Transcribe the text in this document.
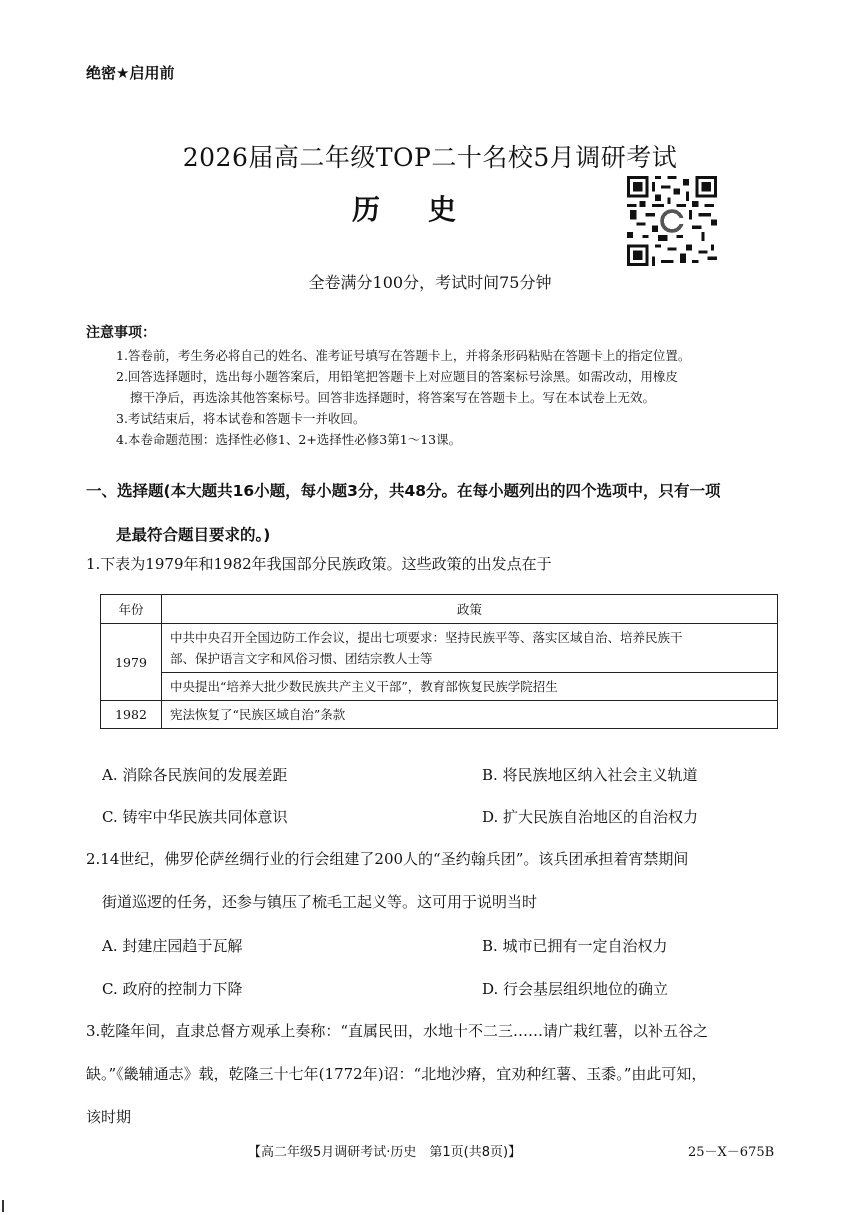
绝密★启用前
2026届高二年级TOP二十名校5月调研考试
历 史
全卷满分100分，考试时间75分钟
注意事项：
1.答卷前，考生务必将自己的姓名、准考证号填写在答题卡上，并将条形码粘贴在答题卡上的指定位置。
2.回答选择题时，选出每小题答案后，用铅笔把答题卡上对应题目的答案标号涂黑。如需改动，用橡皮
擦干净后，再选涂其他答案标号。回答非选择题时，将答案写在答题卡上。写在本试卷上无效。
3.考试结束后，将本试卷和答题卡一并收回。
4.本卷命题范围：选择性必修1、2+选择性必修3第1～13课。
一、选择题(本大题共16小题，每小题3分，共48分。在每小题列出的四个选项中，只有一项
是最符合题目要求的。)
1.下表为1979年和1982年我国部分民族政策。这些政策的出发点在于
年份	政策
1979	中共中央召开全国边防工作会议，提出七项要求：坚持民族平等、落实区域自治、培养民族干
部、保护语言文字和风俗习惯、团结宗教人士等

	中央提出“培养大批少数民族共产主义干部”，教育部恢复民族学院招生
1982	宪法恢复了“民族区域自治”条款
A. 消除各民族间的发展差距	B. 将民族地区纳入社会主义轨道
C. 铸牢中华民族共同体意识	D. 扩大民族自治地区的自治权力
2.14世纪，佛罗伦萨丝绸行业的行会组建了200人的“圣约翰兵团”。该兵团承担着宵禁期间
街道巡逻的任务，还参与镇压了梳毛工起义等。这可用于说明当时
A. 封建庄园趋于瓦解	B. 城市已拥有一定自治权力
C. 政府的控制力下降	D. 行会基层组织地位的确立
3.乾隆年间，直隶总督方观承上奏称：“直属民田，水地十不二三……请广栽红薯，以补五谷之
缺。”《畿辅通志》载，乾隆三十七年(1772年)诏：“北地沙瘠，宜劝种红薯、玉黍。”由此可知，
该时期
【高二年级5月调研考试·历史　第1页(共8页)】	25－X－675B
